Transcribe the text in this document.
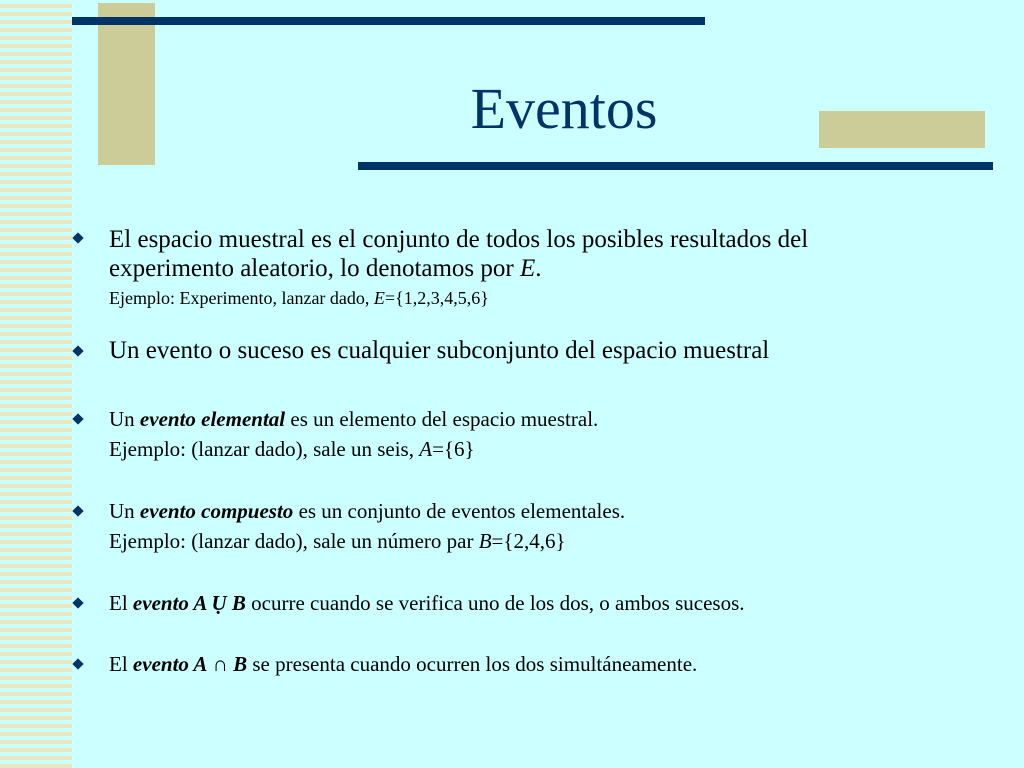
Eventos
El espacio muestral es el conjunto de todos los posibles resultados del
experimento aleatorio, lo denotamos por E.
Ejemplo: Experimento, lanzar dado, E={1,2,3,4,5,6}
Un evento o suceso es cualquier subconjunto del espacio muestral
Un evento elemental es un elemento del espacio muestral.
Ejemplo: (lanzar dado), sale un seis, A={6}
Un evento compuesto es un conjunto de eventos elementales.
Ejemplo: (lanzar dado), sale un número par B={2,4,6}
El evento A Ụ B ocurre cuando se verifica uno de los dos, o ambos sucesos.
El evento A ∩ B se presenta cuando ocurren los dos simultáneamente.
